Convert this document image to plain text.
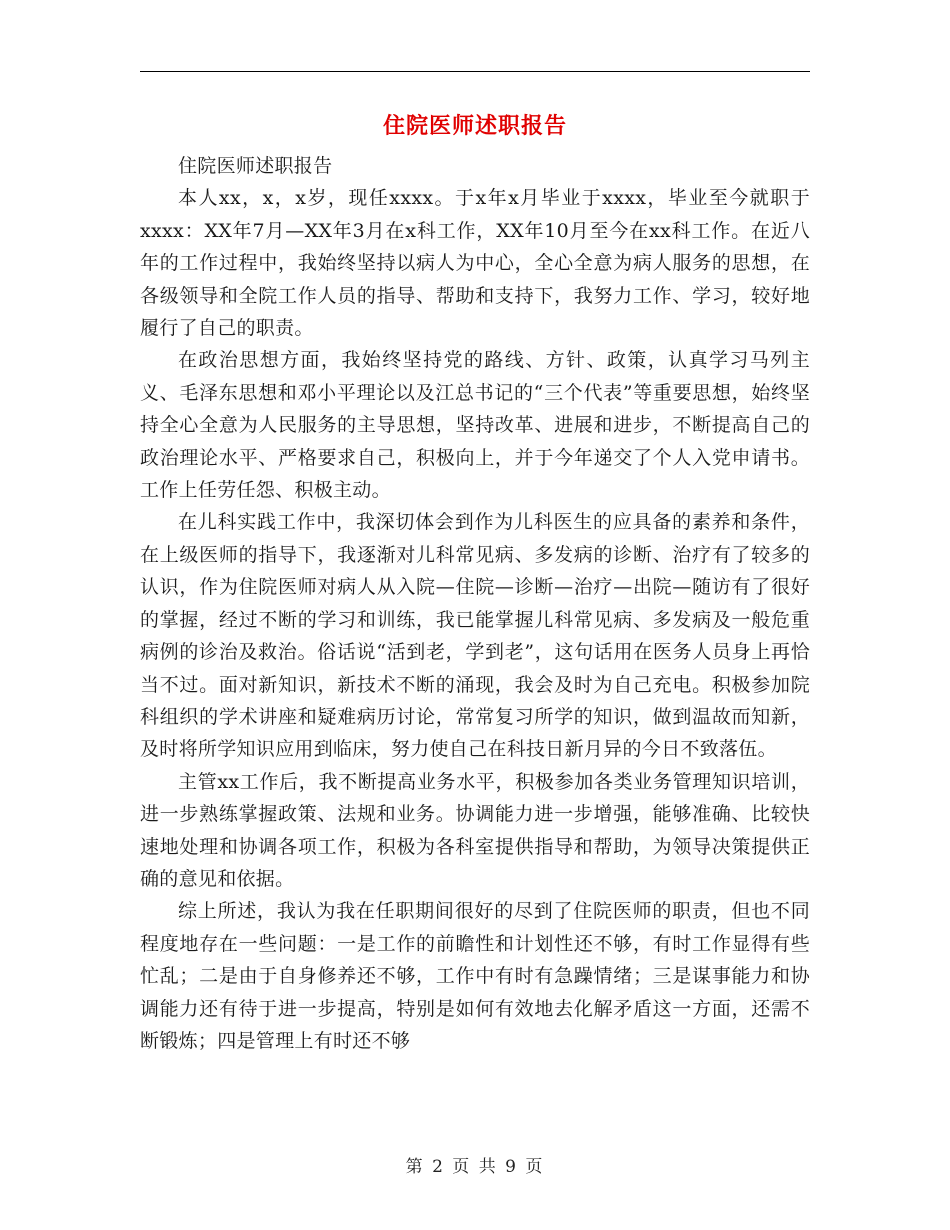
住院医师述职报告

住院医师述职报告

本人xx，x，x岁，现任xxxx。于x年x月毕业于xxxx，毕业至今就职于xxxx：XX年7月—XX年3月在x科工作，XX年10月至今在xx科工作。在近八年的工作过程中，我始终坚持以病人为中心，全心全意为病人服务的思想，在各级领导和全院工作人员的指导、帮助和支持下，我努力工作、学习，较好地履行了自己的职责。

在政治思想方面，我始终坚持党的路线、方针、政策，认真学习马列主义、毛泽东思想和邓小平理论以及江总书记的“三个代表”等重要思想，始终坚持全心全意为人民服务的主导思想，坚持改革、进展和进步，不断提高自己的政治理论水平、严格要求自己，积极向上，并于今年递交了个人入党申请书。工作上任劳任怨、积极主动。

在儿科实践工作中，我深切体会到作为儿科医生的应具备的素养和条件，在上级医师的指导下，我逐渐对儿科常见病、多发病的诊断、治疗有了较多的认识，作为住院医师对病人从入院—住院—诊断—治疗—出院—随访有了很好的掌握，经过不断的学习和训练，我已能掌握儿科常见病、多发病及一般危重病例的诊治及救治。俗话说“活到老，学到老”，这句话用在医务人员身上再恰当不过。面对新知识，新技术不断的涌现，我会及时为自己充电。积极参加院科组织的学术讲座和疑难病历讨论，常常复习所学的知识，做到温故而知新，及时将所学知识应用到临床，努力使自己在科技日新月异的今日不致落伍。

主管xx工作后，我不断提高业务水平，积极参加各类业务管理知识培训，进一步熟练掌握政策、法规和业务。协调能力进一步增强，能够准确、比较快速地处理和协调各项工作，积极为各科室提供指导和帮助，为领导决策提供正确的意见和依据。

综上所述，我认为我在任职期间很好的尽到了住院医师的职责，但也不同程度地存在一些问题：一是工作的前瞻性和计划性还不够，有时工作显得有些忙乱；二是由于自身修养还不够，工作中有时有急躁情绪；三是谋事能力和协调能力还有待于进一步提高，特别是如何有效地去化解矛盾这一方面，还需不断锻炼；四是管理上有时还不够

第 2 页 共 9 页
